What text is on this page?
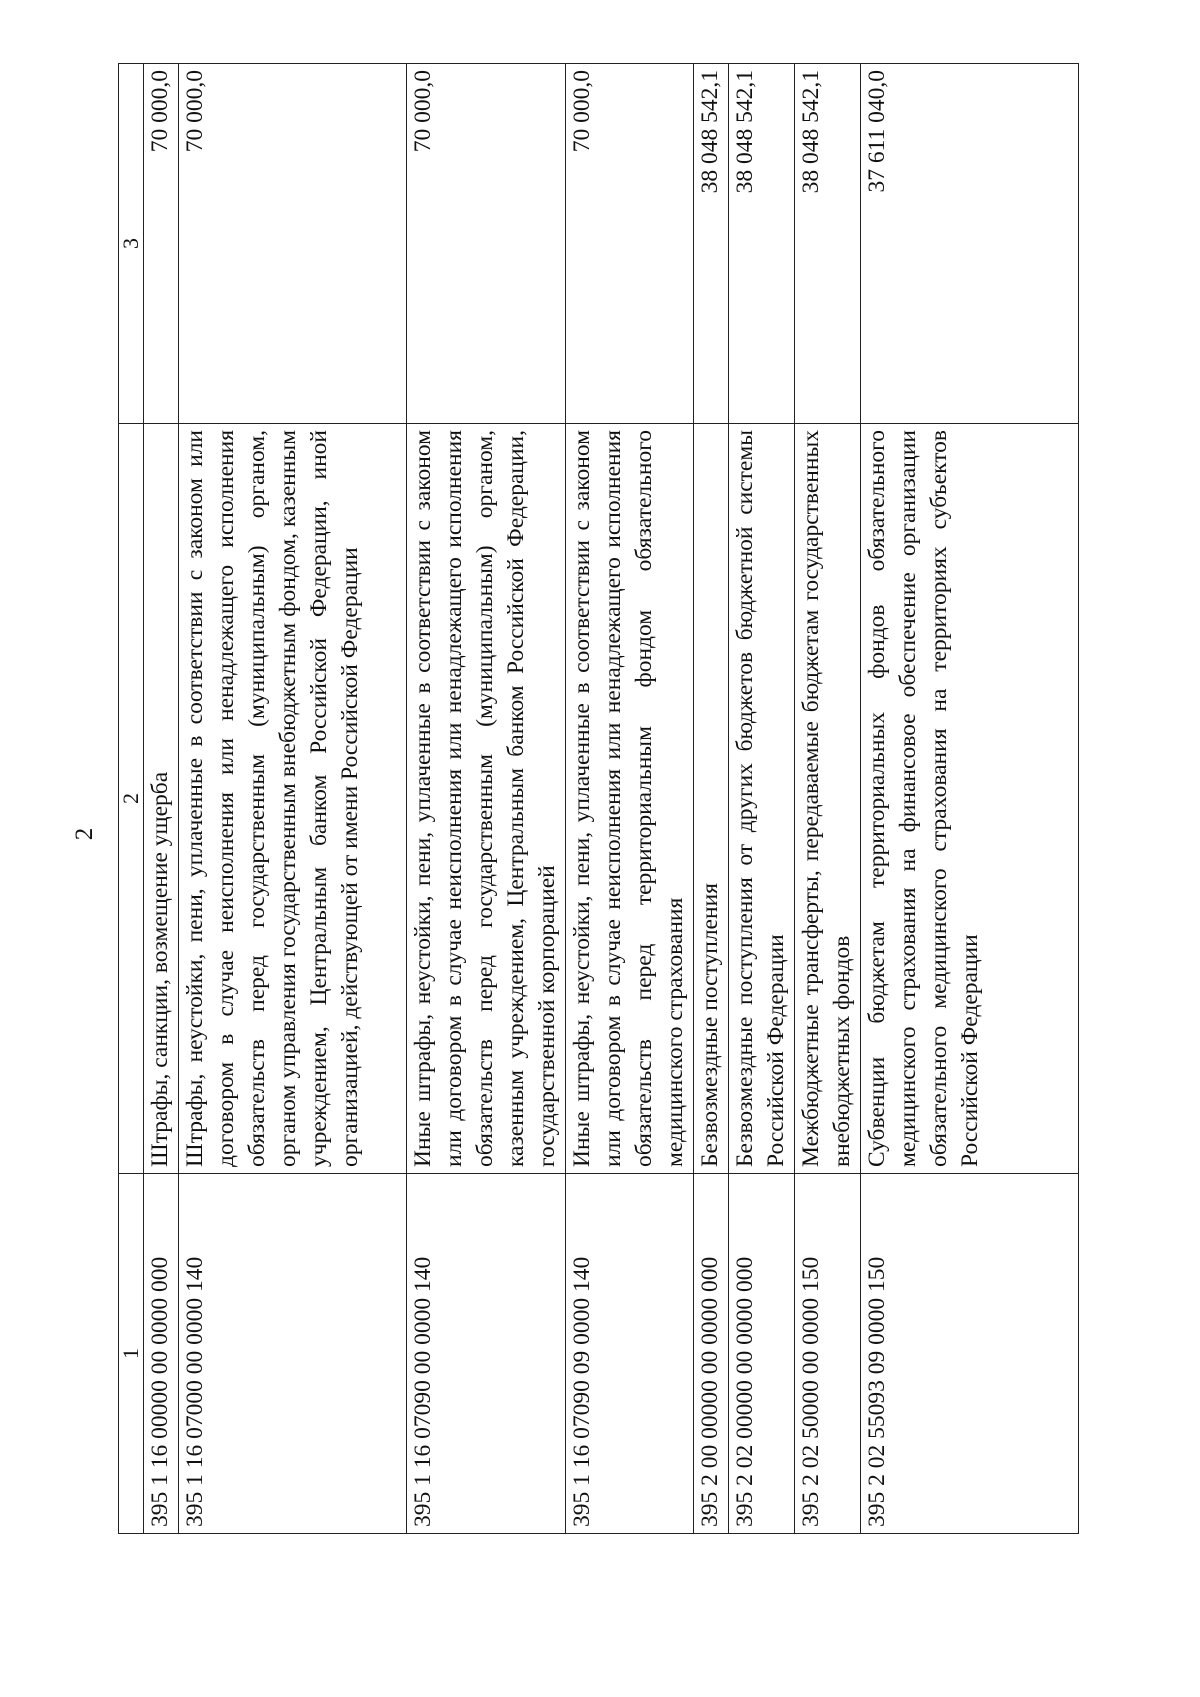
2
1	2	3
395 1 16 00000 00 0000 000	Штрафы, санкции, возмещение ущерба	70 000,0
395 1 16 07000 00 0000 140	Штрафы, неустойки, пени, уплаченные в соответствии с законом или договором в случае неисполнения или ненадлежащего исполнения обязательств перед государственным (муниципальным) органом, органом управления государственным внебюджетным фондом, казенным учреждением, Центральным банком Российской Федерации, иной организацией, действующей от имени Российской Федерации	70 000,0
395 1 16 07090 00 0000 140	Иные штрафы, неустойки, пени, уплаченные в соответствии с законом или договором в случае неисполнения или ненадлежащего исполнения обязательств перед государственным (муниципальным) органом, казенным учреждением, Центральным банком Российской Федерации, государственной корпорацией	70 000,0
395 1 16 07090 09 0000 140	Иные штрафы, неустойки, пени, уплаченные в соответствии с законом или договором в случае неисполнения или ненадлежащего исполнения обязательств перед территориальным фондом обязательного медицинского страхования	70 000,0
395 2 00 00000 00 0000 000	Безвозмездные поступления	38 048 542,1
395 2 02 00000 00 0000 000	Безвозмездные поступления от других бюджетов бюджетной системы Российской Федерации	38 048 542,1
395 2 02 50000 00 0000 150	Межбюджетные трансферты, передаваемые бюджетам государственных внебюджетных фондов	38 048 542,1
395 2 02 55093 09 0000 150	Субвенции бюджетам территориальных фондов обязательного медицинского страхования на финансовое обеспечение организации обязательного медицинского страхования на территориях субъектов Российской Федерации	37 611 040,0
